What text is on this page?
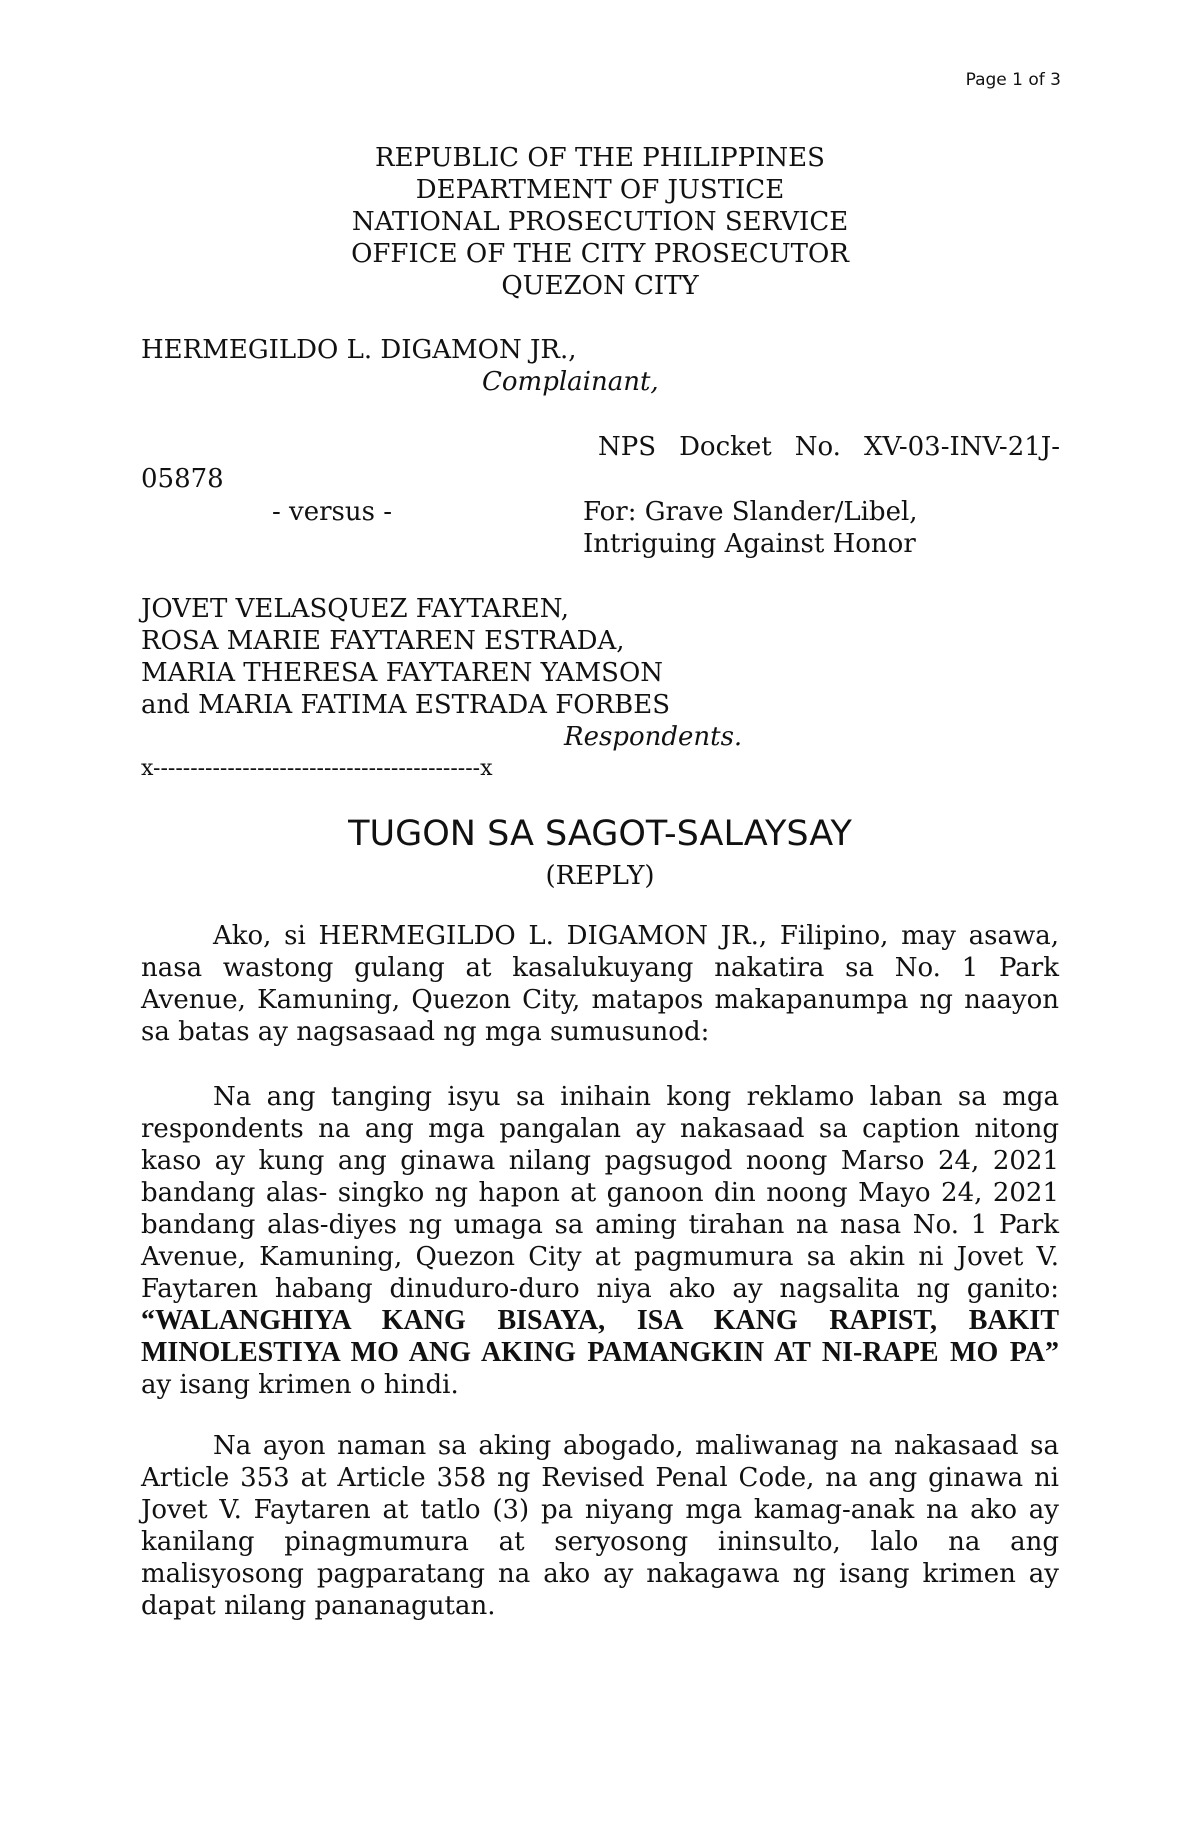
Page 1 of 3
REPUBLIC OF THE PHILIPPINES
DEPARTMENT OF JUSTICE
NATIONAL PROSECUTION SERVICE
OFFICE OF THE CITY PROSECUTOR
QUEZON CITY
HERMEGILDO L. DIGAMON JR.,
Complainant,
NPS Docket No. XV-03-INV-21J-
05878
- versus -	For: Grave Slander/Libel,
Intriguing Against Honor
JOVET VELASQUEZ FAYTAREN,
ROSA MARIE FAYTAREN ESTRADA,
MARIA THERESA FAYTAREN YAMSON
and MARIA FATIMA ESTRADA FORBES
Respondents.
x--------------------------------------------x
TUGON SA SAGOT-SALAYSAY
(REPLY)
Ako, si HERMEGILDO L. DIGAMON JR., Filipino, may asawa, nasa wastong gulang at kasalukuyang nakatira sa No. 1 Park Avenue, Kamuning, Quezon City, matapos makapanumpa ng naayon sa batas ay nagsasaad ng mga sumusunod:
Na ang tanging isyu sa inihain kong reklamo laban sa mga respondents na ang mga pangalan ay nakasaad sa caption nitong kaso ay kung ang ginawa nilang pagsugod noong Marso 24, 2021 bandang alas- singko ng hapon at ganoon din noong Mayo 24, 2021 bandang alas-diyes ng umaga sa aming tirahan na nasa No. 1 Park Avenue, Kamuning, Quezon City at pagmumura sa akin ni Jovet V. Faytaren habang dinuduro-duro niya ako ay nagsalita ng ganito: “WALANGHIYA KANG BISAYA, ISA KANG RAPIST, BAKIT MINOLESTIYA MO ANG AKING PAMANGKIN AT NI-RAPE MO PA” ay isang krimen o hindi.
Na ayon naman sa aking abogado, maliwanag na nakasaad sa Article 353 at Article 358 ng Revised Penal Code, na ang ginawa ni Jovet V. Faytaren at tatlo (3) pa niyang mga kamag-anak na ako ay kanilang pinagmumura at seryosong ininsulto, lalo na ang malisyosong pagparatang na ako ay nakagawa ng isang krimen ay dapat nilang pananagutan.
